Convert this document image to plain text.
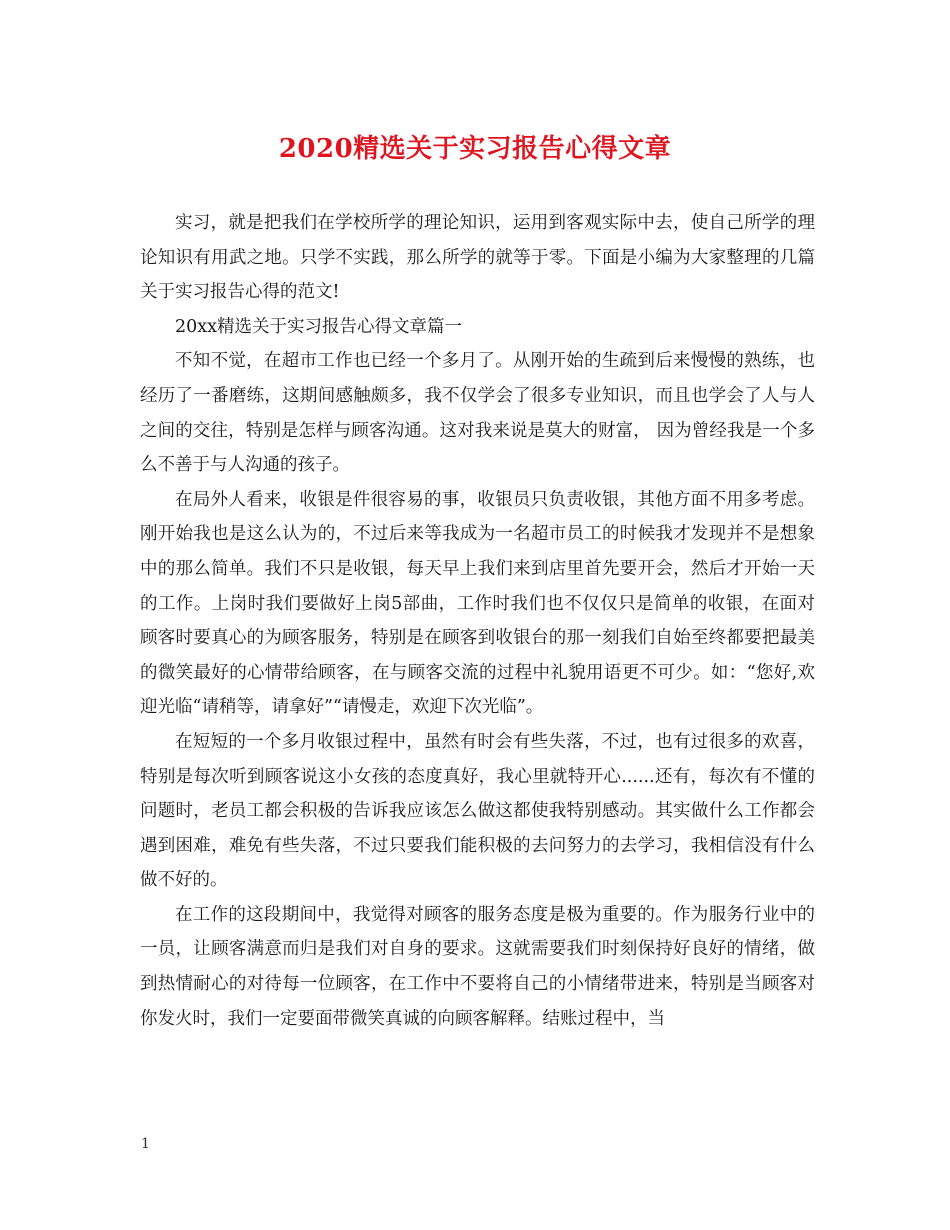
2020精选关于实习报告心得文章

实习，就是把我们在学校所学的理论知识，运用到客观实际中去，使自己所学的理论知识有用武之地。只学不实践，那么所学的就等于零。下面是小编为大家整理的几篇关于实习报告心得的范文!

20xx精选关于实习报告心得文章篇一

不知不觉，在超市工作也已经一个多月了。从刚开始的生疏到后来慢慢的熟练，也经历了一番磨练，这期间感触颇多，我不仅学会了很多专业知识，而且也学会了人与人之间的交往，特别是怎样与顾客沟通。这对我来说是莫大的财富， 因为曾经我是一个多么不善于与人沟通的孩子。

在局外人看来，收银是件很容易的事，收银员只负责收银，其他方面不用多考虑。刚开始我也是这么认为的，不过后来等我成为一名超市员工的时候我才发现并不是想象中的那么简单。我们不只是收银，每天早上我们来到店里首先要开会，然后才开始一天的工作。上岗时我们要做好上岗5部曲，工作时我们也不仅仅只是简单的收银，在面对顾客时要真心的为顾客服务，特别是在顾客到收银台的那一刻我们自始至终都要把最美的微笑最好的心情带给顾客，在与顾客交流的过程中礼貌用语更不可少。如：“您好,欢迎光临“请稍等，请拿好”“请慢走，欢迎下次光临”。

在短短的一个多月收银过程中，虽然有时会有些失落，不过，也有过很多的欢喜，特别是每次听到顾客说这小女孩的态度真好，我心里就特开心......还有，每次有不懂的问题时，老员工都会积极的告诉我应该怎么做这都使我特别感动。其实做什么工作都会遇到困难，难免有些失落，不过只要我们能积极的去问努力的去学习，我相信没有什么做不好的。

在工作的这段期间中，我觉得对顾客的服务态度是极为重要的。作为服务行业中的一员，让顾客满意而归是我们对自身的要求。这就需要我们时刻保持好良好的情绪，做到热情耐心的对待每一位顾客，在工作中不要将自己的小情绪带进来，特别是当顾客对你发火时，我们一定要面带微笑真诚的向顾客解释。结账过程中，当

1
